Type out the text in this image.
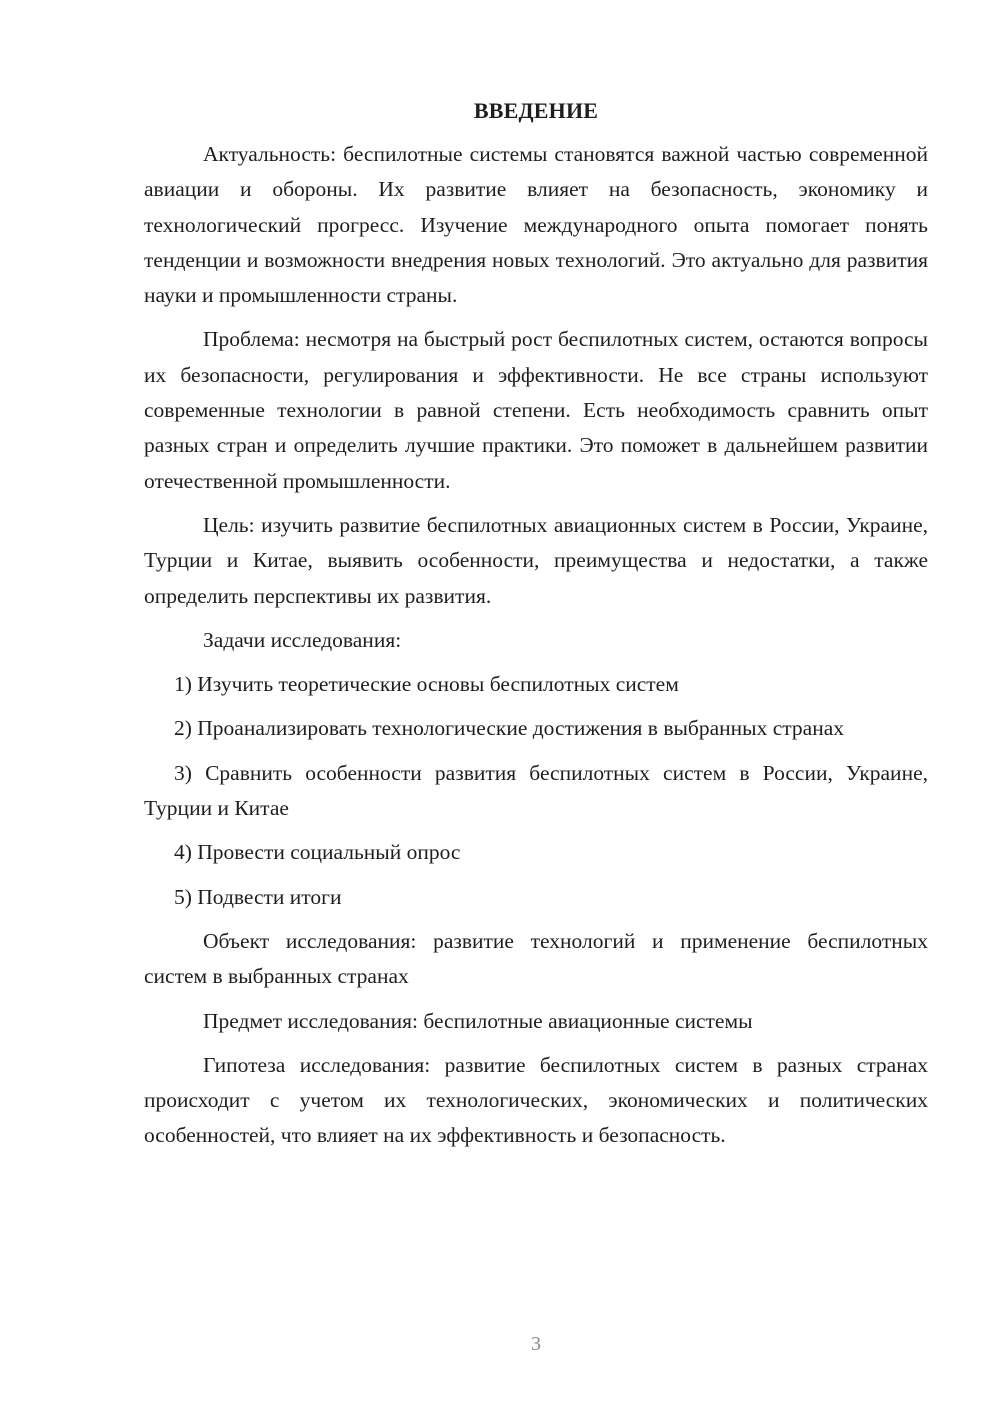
ВВЕДЕНИЕ

Актуальность: беспилотные системы становятся важной частью современной авиации и обороны. Их развитие влияет на безопасность, экономику и технологический прогресс. Изучение международного опыта помогает понять тенденции и возможности внедрения новых технологий. Это актуально для развития науки и промышленности страны.

Проблема: несмотря на быстрый рост беспилотных систем, остаются вопросы их безопасности, регулирования и эффективности. Не все страны используют современные технологии в равной степени. Есть необходимость сравнить опыт разных стран и определить лучшие практики. Это поможет в дальнейшем развитии отечественной промышленности.

Цель: изучить развитие беспилотных авиационных систем в России, Украине, Турции и Китае, выявить особенности, преимущества и недостатки, а также определить перспективы их развития.

Задачи исследования:

1) Изучить теоретические основы беспилотных систем

2) Проанализировать технологические достижения в выбранных странах

3) Сравнить особенности развития беспилотных систем в России, Украине, Турции и Китае

4) Провести социальный опрос

5) Подвести итоги

Объект исследования: развитие технологий и применение беспилотных систем в выбранных странах

Предмет исследования: беспилотные авиационные системы

Гипотеза исследования: развитие беспилотных систем в разных странах происходит с учетом их технологических, экономических и политических особенностей, что влияет на их эффективность и безопасность.

3
